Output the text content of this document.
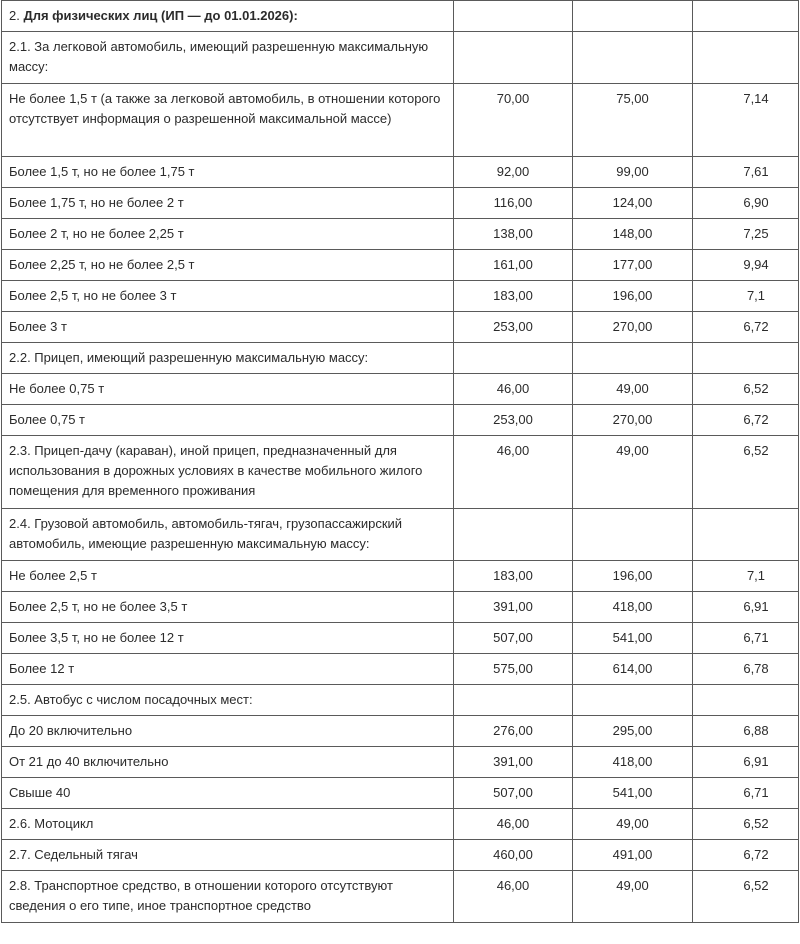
2. Для физических лиц (ИП — до 01.01.2026):			
2.1. За легковой автомобиль, имеющий разрешенную максимальную массу:			
Не более 1,5 т (а также за легковой автомобиль, в отношении которого отсутствует информация о разрешенной максимальной массе)	70,00	75,00	7,14
Более 1,5 т, но не более 1,75 т	92,00	99,00	7,61
Более 1,75 т, но не более 2 т	116,00	124,00	6,90
Более 2 т, но не более 2,25 т	138,00	148,00	7,25
Более 2,25 т, но не более 2,5 т	161,00	177,00	9,94
Более 2,5 т, но не более 3 т	183,00	196,00	7,1
Более 3 т	253,00	270,00	6,72
2.2. Прицеп, имеющий разрешенную максимальную массу:			
Не более 0,75 т	46,00	49,00	6,52
Более 0,75 т	253,00	270,00	6,72
2.3. Прицеп-дачу (караван), иной прицеп, предназначенный для использования в дорожных условиях в качестве мобильного жилого помещения для временного проживания	46,00	49,00	6,52
2.4. Грузовой автомобиль, автомобиль-тягач, грузопассажирский автомобиль, имеющие разрешенную максимальную массу:			
Не более 2,5 т	183,00	196,00	7,1
Более 2,5 т, но не более 3,5 т	391,00	418,00	6,91
Более 3,5 т, но не более 12 т	507,00	541,00	6,71
Более 12 т	575,00	614,00	6,78
2.5. Автобус с числом посадочных мест:			
До 20 включительно	276,00	295,00	6,88
От 21 до 40 включительно	391,00	418,00	6,91
Свыше 40	507,00	541,00	6,71
2.6. Мотоцикл	46,00	49,00	6,52
2.7. Седельный тягач	460,00	491,00	6,72
2.8. Транспортное средство, в отношении которого отсутствуют сведения о его типе, иное транспортное средство	46,00	49,00	6,52
